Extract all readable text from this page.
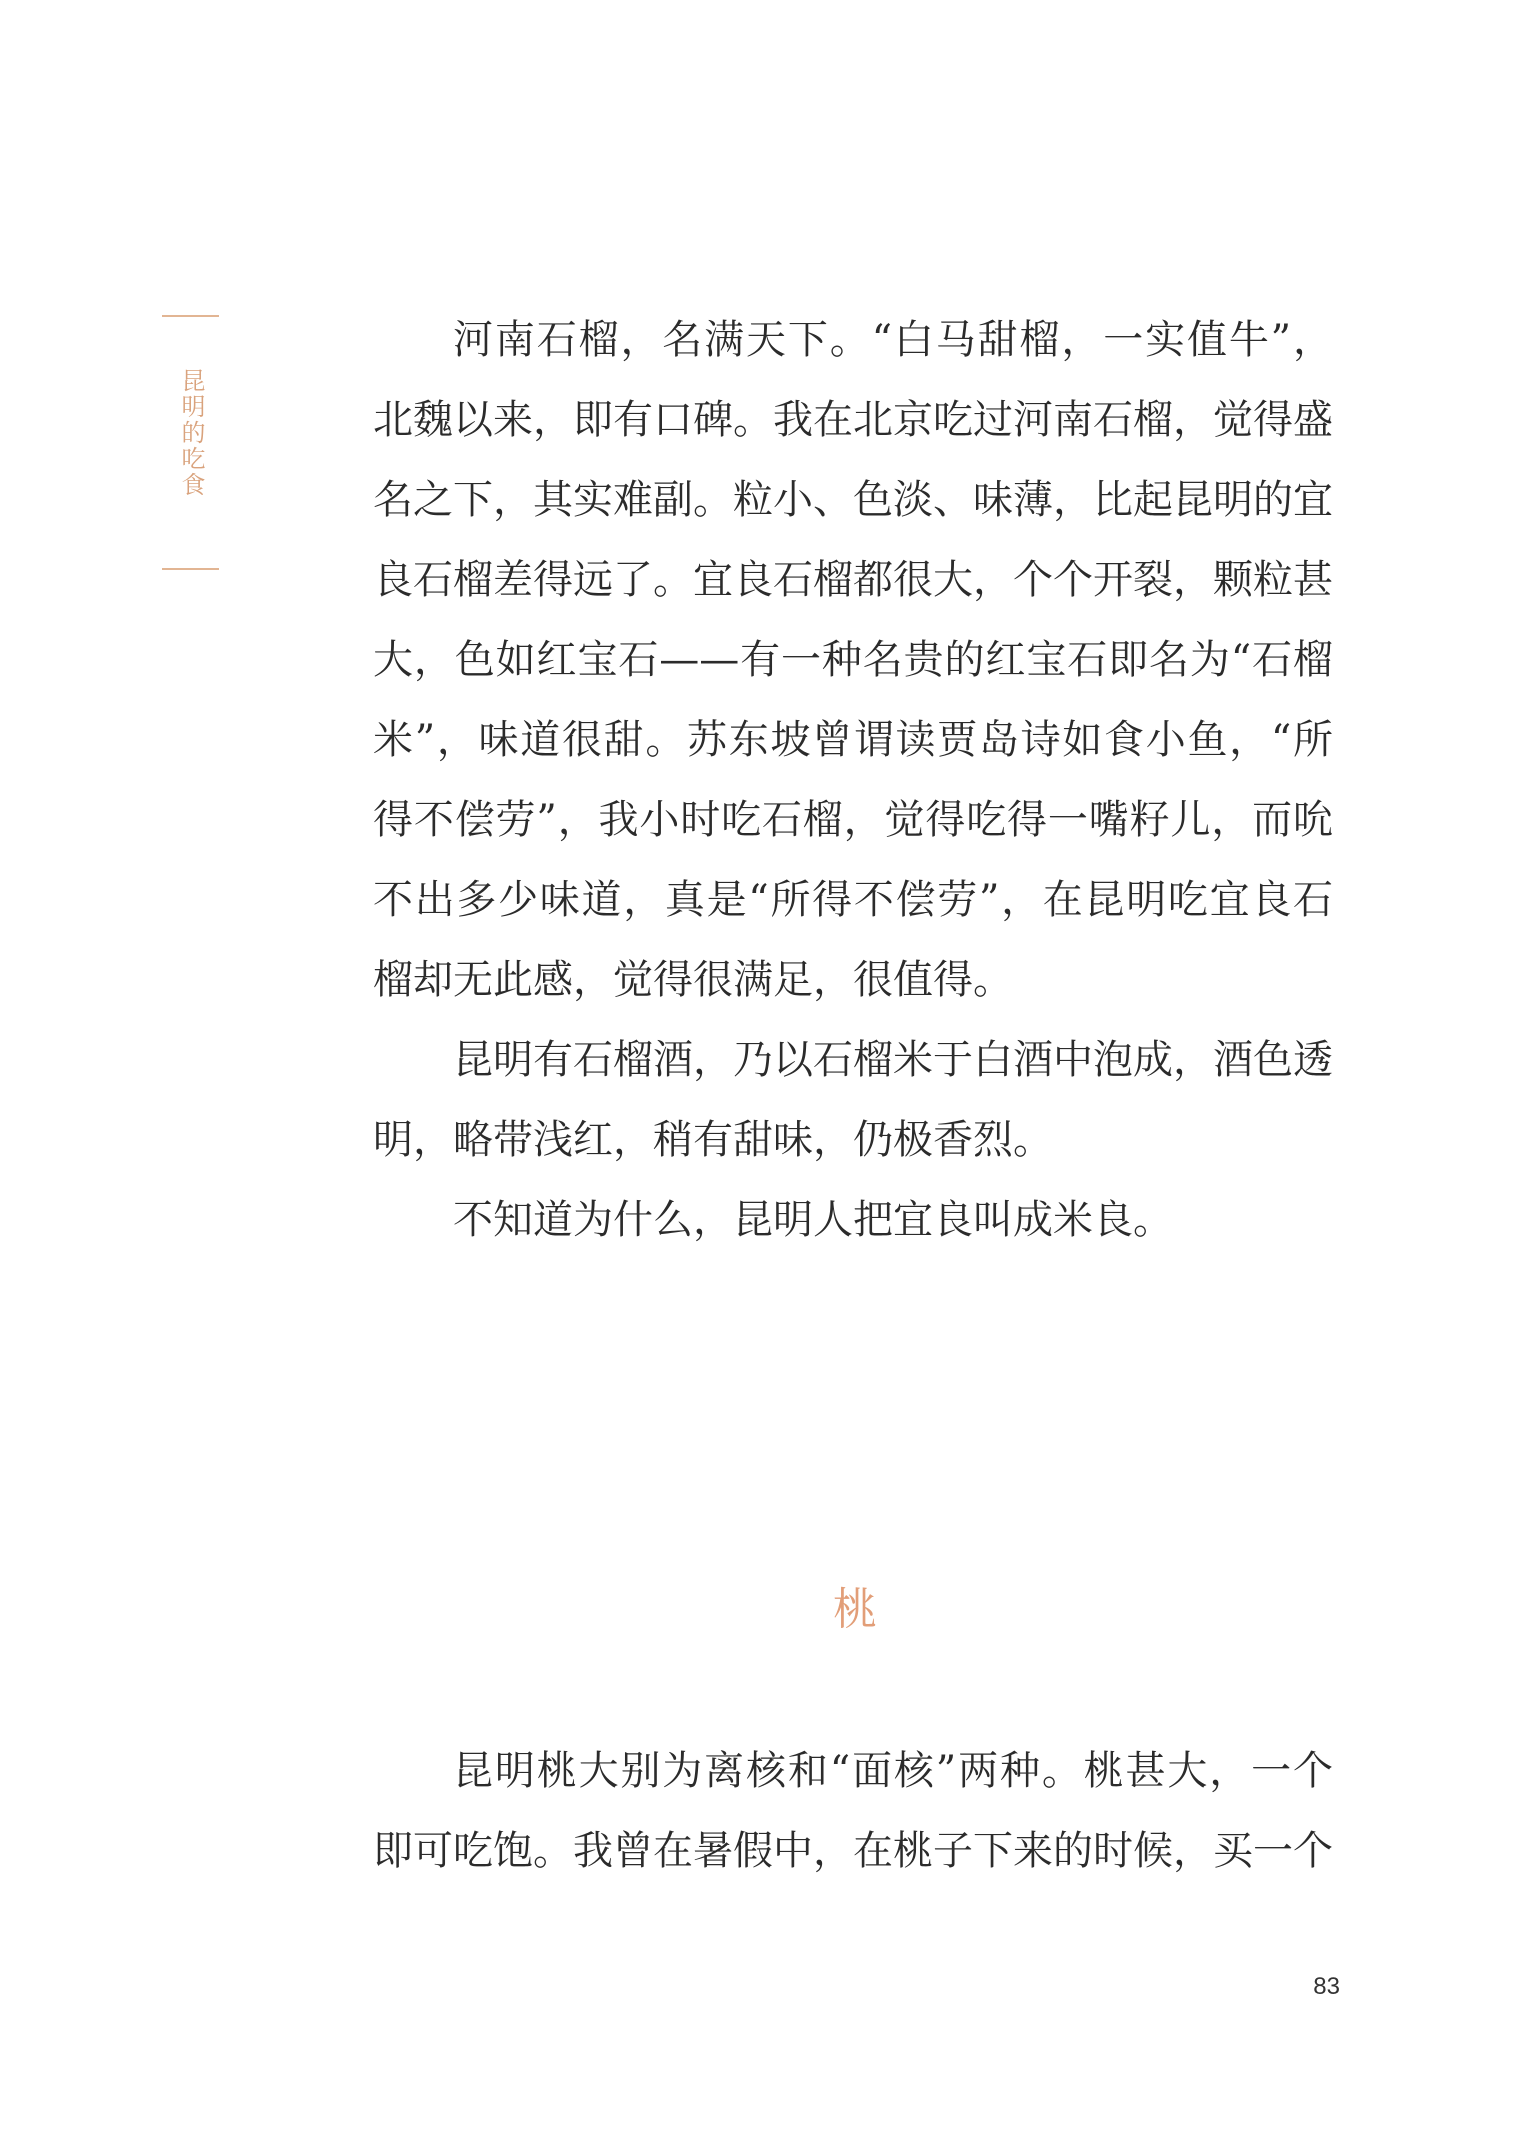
昆明的吃食

河南石榴，名满天下。“白马甜榴，一实值牛”，北魏以来，即有口碑。我在北京吃过河南石榴，觉得盛名之下，其实难副。粒小、色淡、味薄，比起昆明的宜良石榴差得远了。宜良石榴都很大，个个开裂，颗粒甚大，色如红宝石——有一种名贵的红宝石即名为“石榴米”，味道很甜。苏东坡曾谓读贾岛诗如食小鱼，“所得不偿劳”，我小时吃石榴，觉得吃得一嘴籽儿，而吮不出多少味道，真是“所得不偿劳”，在昆明吃宜良石榴却无此感，觉得很满足，很值得。

昆明有石榴酒，乃以石榴米于白酒中泡成，酒色透明，略带浅红，稍有甜味，仍极香烈。

不知道为什么，昆明人把宜良叫成米良。

桃

昆明桃大别为离核和“面核”两种。桃甚大，一个即可吃饱。我曾在暑假中，在桃子下来的时候，买一个

83
